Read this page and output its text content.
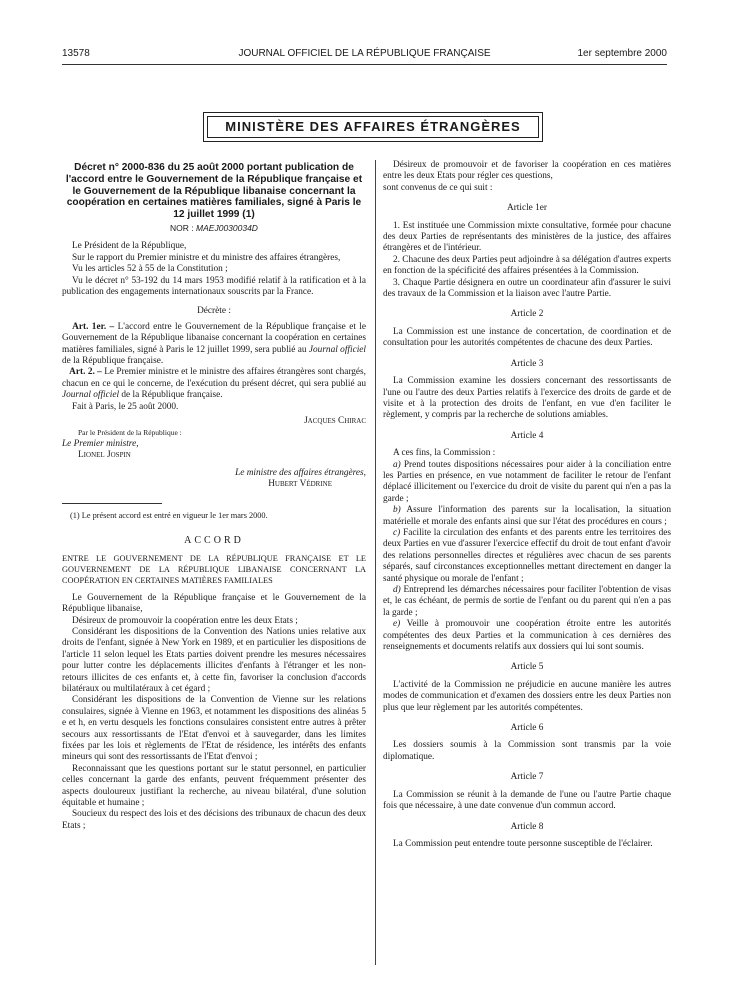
13578	JOURNAL OFFICIEL DE LA RÉPUBLIQUE FRANÇAISE	1er septembre 2000
MINISTÈRE DES AFFAIRES ÉTRANGÈRES
Décret n° 2000-836 du 25 août 2000 portant publication de l'accord entre le Gouvernement de la République française et le Gouvernement de la République libanaise concernant la coopération en certaines matières familiales, signé à Paris le 12 juillet 1999 (1)
NOR : MAEJ0030034D

Le Président de la République,

Sur le rapport du Premier ministre et du ministre des affaires étrangères,

Vu les articles 52 à 55 de la Constitution ;

Vu le décret n° 53-192 du 14 mars 1953 modifié relatif à la ratification et à la publication des engagements internationaux souscrits par la France.

Décrète :

Art. 1er. – L'accord entre le Gouvernement de la République française et le Gouvernement de la République libanaise concernant la coopération en certaines matières familiales, signé à Paris le 12 juillet 1999, sera publié au Journal officiel de la République française.

Art. 2. – Le Premier ministre et le ministre des affaires étrangères sont chargés, chacun en ce qui le concerne, de l'exécution du présent décret, qui sera publié au Journal officiel de la République française.

Fait à Paris, le 25 août 2000.

Jacques Chirac

Par le Président de la République :

Le Premier ministre,

Lionel Jospin

Le ministre des affaires étrangères,

Hubert Védrine

(1) Le présent accord est entré en vigueur le 1er mars 2000.

ACCORD

ENTRE LE GOUVERNEMENT DE LA RÉPUBLIQUE FRANÇAISE ET LE GOUVERNEMENT DE LA RÉPUBLIQUE LIBANAISE CONCERNANT LA COOPÉRATION EN CERTAINES MATIÈRES FAMILIALES

Le Gouvernement de la République française et le Gouvernement de la République libanaise,

Désireux de promouvoir la coopération entre les deux Etats ;

Considérant les dispositions de la Convention des Nations unies relative aux droits de l'enfant, signée à New York en 1989, et en particulier les dispositions de l'article 11 selon lequel les Etats parties doivent prendre les mesures nécessaires pour lutter contre les déplacements illicites d'enfants à l'étranger et les non-retours illicites de ces enfants et, à cette fin, favoriser la conclusion d'accords bilatéraux ou multilatéraux à cet égard ;

Considérant les dispositions de la Convention de Vienne sur les relations consulaires, signée à Vienne en 1963, et notamment les dispositions des alinéas 5 e et h, en vertu desquels les fonctions consulaires consistent entre autres à prêter secours aux ressortissants de l'Etat d'envoi et à sauvegarder, dans les limites fixées par les lois et règlements de l'Etat de résidence, les intérêts des enfants mineurs qui sont des ressortissants de l'Etat d'envoi ;

Reconnaissant que les questions portant sur le statut personnel, en particulier celles concernant la garde des enfants, peuvent fréquemment présenter des aspects douloureux justifiant la recherche, au niveau bilatéral, d'une solution équitable et humaine ;

Soucieux du respect des lois et des décisions des tribunaux de chacun des deux Etats ;

Désireux de promouvoir et de favoriser la coopération en ces matières entre les deux Etats pour régler ces questions,

sont convenus de ce qui suit :

Article 1er

1. Est instituée une Commission mixte consultative, formée pour chacune des deux Parties de représentants des ministères de la justice, des affaires étrangères et de l'intérieur.

2. Chacune des deux Parties peut adjoindre à sa délégation d'autres experts en fonction de la spécificité des affaires présentées à la Commission.

3. Chaque Partie désignera en outre un coordinateur afin d'assurer le suivi des travaux de la Commission et la liaison avec l'autre Partie.

Article 2

La Commission est une instance de concertation, de coordination et de consultation pour les autorités compétentes de chacune des deux Parties.

Article 3

La Commission examine les dossiers concernant des ressortissants de l'une ou l'autre des deux Parties relatifs à l'exercice des droits de garde et de visite et à la protection des droits de l'enfant, en vue d'en faciliter le règlement, y compris par la recherche de solutions amiables.

Article 4

A ces fins, la Commission :

a) Prend toutes dispositions nécessaires pour aider à la conciliation entre les Parties en présence, en vue notamment de faciliter le retour de l'enfant déplacé illicitement ou l'exercice du droit de visite du parent qui n'en a pas la garde ;

b) Assure l'information des parents sur la localisation, la situation matérielle et morale des enfants ainsi que sur l'état des procédures en cours ;

c) Facilite la circulation des enfants et des parents entre les territoires des deux Parties en vue d'assurer l'exercice effectif du droit de tout enfant d'avoir des relations personnelles directes et régulières avec chacun de ses parents séparés, sauf circonstances exceptionnelles mettant directement en danger la santé physique ou morale de l'enfant ;

d) Entreprend les démarches nécessaires pour faciliter l'obtention de visas et, le cas échéant, de permis de sortie de l'enfant ou du parent qui n'en a pas la garde ;

e) Veille à promouvoir une coopération étroite entre les autorités compétentes des deux Parties et la communication à ces dernières des renseignements et documents relatifs aux dossiers qui lui sont soumis.

Article 5

L'activité de la Commission ne préjudicie en aucune manière les autres modes de communication et d'examen des dossiers entre les deux Parties non plus que leur règlement par les autorités compétentes.

Article 6

Les dossiers soumis à la Commission sont transmis par la voie diplomatique.

Article 7

La Commission se réunit à la demande de l'une ou l'autre Partie chaque fois que nécessaire, à une date convenue d'un commun accord.

Article 8

La Commission peut entendre toute personne susceptible de l'éclairer.
